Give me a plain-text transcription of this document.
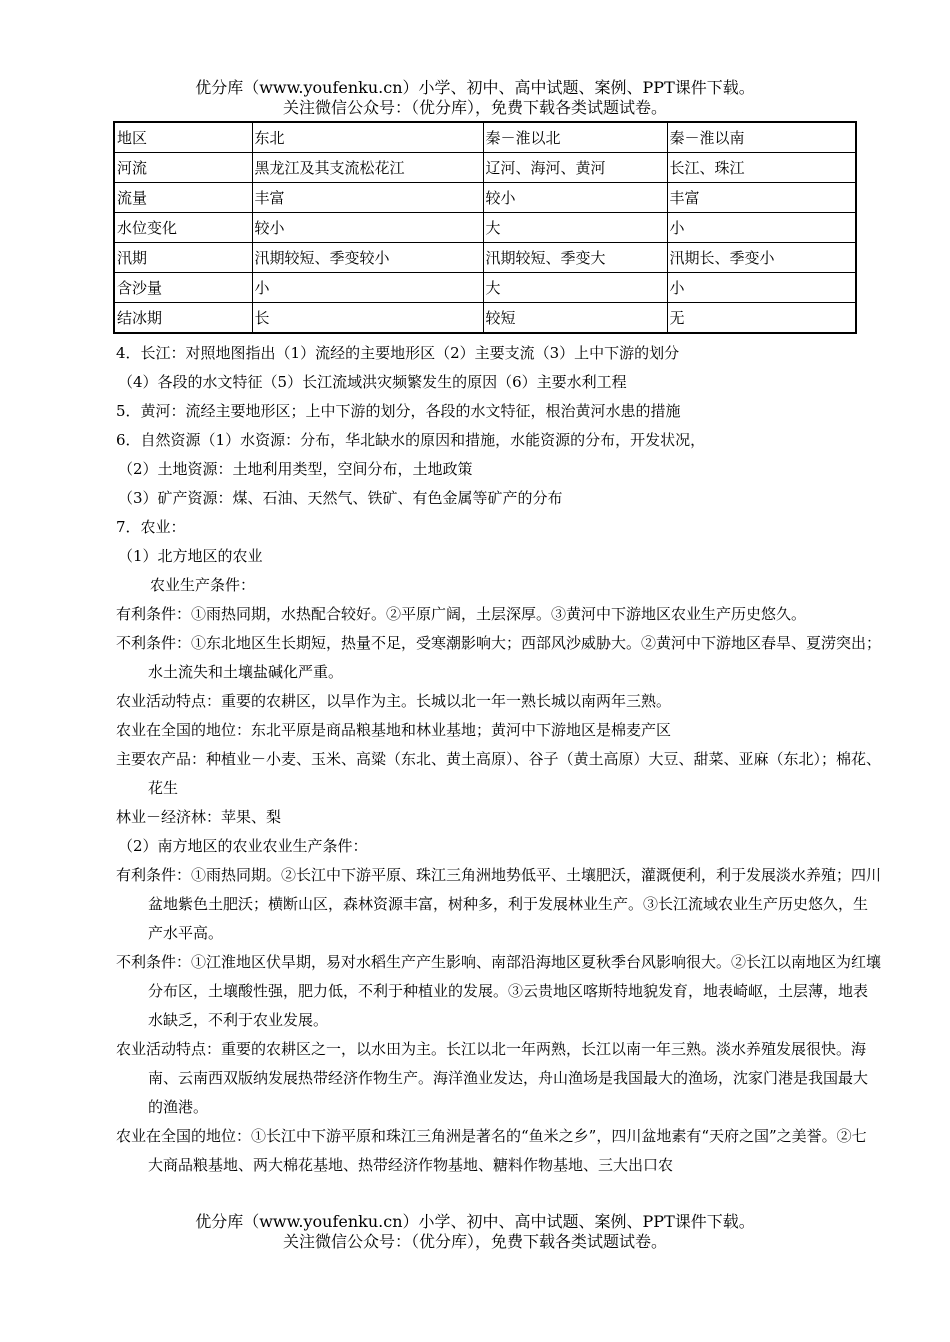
优分库（www.youfenku.cn）小学、初中、高中试题、案例、PPT课件下载。
关注微信公众号：（优分库），免费下载各类试题试卷。
地区	东北	秦－淮以北	秦－淮以南
河流	黑龙江及其支流松花江	辽河、海河、黄河	长江、珠江
流量	丰富	较小	丰富
水位变化	较小	大	小
汛期	汛期较短、季变较小	汛期较短、季变大	汛期长、季变小
含沙量	小	大	小
结冰期	长	较短	无

4．长江：对照地图指出（1）流经的主要地形区（2）主要支流（3）上中下游的划分

（4）各段的水文特征（5）长江流域洪灾频繁发生的原因（6）主要水利工程

5．黄河：流经主要地形区；上中下游的划分，各段的水文特征，根治黄河水患的措施

6．自然资源（1）水资源：分布，华北缺水的原因和措施，水能资源的分布，开发状况，

（2）土地资源：土地利用类型，空间分布，土地政策

（3）矿产资源：煤、石油、天然气、铁矿、有色金属等矿产的分布

7．农业：

（1）北方地区的农业

农业生产条件：

有利条件：①雨热同期，水热配合较好。②平原广阔，土层深厚。③黄河中下游地区农业生产历史悠久。

不利条件：①东北地区生长期短，热量不足，受寒潮影响大；西部风沙威胁大。②黄河中下游地区春旱、夏涝突出；水土流失和土壤盐碱化严重。

农业活动特点：重要的农耕区，以旱作为主。长城以北一年一熟长城以南两年三熟。

农业在全国的地位：东北平原是商品粮基地和林业基地；黄河中下游地区是棉麦产区

主要农产品：种植业－小麦、玉米、高粱（东北、黄土高原）、谷子（黄土高原）大豆、甜菜、亚麻（东北）；棉花、花生

林业－经济林：苹果、梨

（2）南方地区的农业农业生产条件：

有利条件：①雨热同期。②长江中下游平原、珠江三角洲地势低平、土壤肥沃，灌溉便利，利于发展淡水养殖；四川盆地紫色土肥沃；横断山区，森林资源丰富，树种多，利于发展林业生产。③长江流域农业生产历史悠久，生产水平高。

不利条件：①江淮地区伏旱期，易对水稻生产产生影响、南部沿海地区夏秋季台风影响很大。②长江以南地区为红壤分布区，土壤酸性强，肥力低，不利于种植业的发展。③云贵地区喀斯特地貌发育，地表崎岖，土层薄，地表水缺乏，不利于农业发展。

农业活动特点：重要的农耕区之一，以水田为主。长江以北一年两熟，长江以南一年三熟。淡水养殖发展很快。海南、云南西双版纳发展热带经济作物生产。海洋渔业发达，舟山渔场是我国最大的渔场，沈家门港是我国最大的渔港。

农业在全国的地位：①长江中下游平原和珠江三角洲是著名的“鱼米之乡”，四川盆地素有“天府之国”之美誉。②七大商品粮基地、两大棉花基地、热带经济作物基地、糖料作物基地、三大出口农

优分库（www.youfenku.cn）小学、初中、高中试题、案例、PPT课件下载。
关注微信公众号：（优分库），免费下载各类试题试卷。
